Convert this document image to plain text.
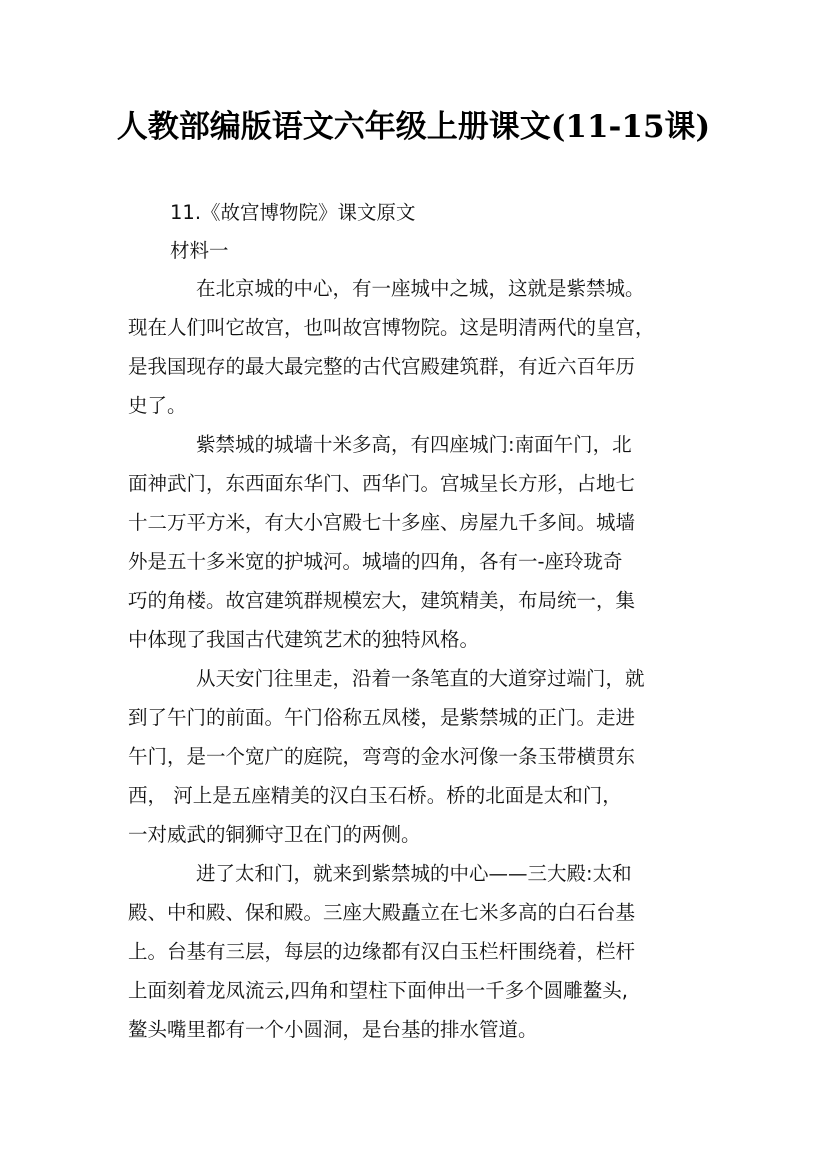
人教部编版语文六年级上册课文(11-15课)
11.《故宫博物院》课文原文
材料一
在北京城的中心，有一座城中之城，这就是紫禁城。
现在人们叫它故宫，也叫故宫博物院。这是明清两代的皇宫，
是我国现存的最大最完整的古代宫殿建筑群，有近六百年历
史了。
紫禁城的城墙十米多高，有四座城门:南面午门，北
面神武门，东西面东华门、西华门。宫城呈长方形，占地七
十二万平方米，有大小宫殿七十多座、房屋九千多间。城墙
外是五十多米宽的护城河。城墙的四角，各有一-座玲珑奇
巧的角楼。故宫建筑群规模宏大，建筑精美，布局统一，集
中体现了我国古代建筑艺术的独特风格。
从天安门往里走，沿着一条笔直的大道穿过端门，就
到了午门的前面。午门俗称五凤楼，是紫禁城的正门。走进
午门，是一个宽广的庭院，弯弯的金水河像一条玉带横贯东
西， 河上是五座精美的汉白玉石桥。桥的北面是太和门，
一对威武的铜狮守卫在门的两侧。
进了太和门，就来到紫禁城的中心——三大殿:太和
殿、中和殿、保和殿。三座大殿矗立在七米多高的白石台基
上。台基有三层，每层的边缘都有汉白玉栏杆围绕着，栏杆
上面刻着龙凤流云,四角和望柱下面伸出一千多个圆雕鳌头,
鳌头嘴里都有一个小圆洞，是台基的排水管道。
